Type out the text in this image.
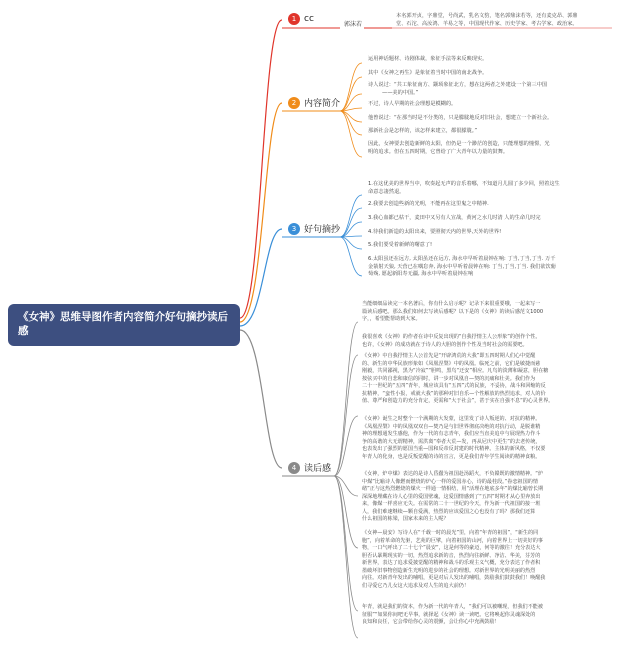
《女神》思维导图作者内容简介好句摘抄读后感
1 cc
2 内容简介
3 好句摘抄
4 读后感
郭沫若
本名郭开贞，字鼎堂，号尚武，乳名文豹，笔名郭鼎沫若等，还有麦克昂、郭鼎
堂、石沱、高汝鸿、羊易之等，中国现代作家、历史学家、考古学家、政治家。
运用神话题材、诗剧体裁，象征手法等来反映现实。
其中《女神之再生》是象征着当时中国的南北战争。
诗人说过：“共工象征南方、颛顼象征北方，想在这两者之外建设一个第三中国
——美的中国。”
不过，诗人早期的社会理想是模糊的。
他曾说过：“在那当时是不分类的，只是朦胧地反对旧社会，想建立一个新社会。
那新社会是怎样的，该怎样来建立，都很朦胧。”
因此，女神要去创造新鲜的太阳，但仍是一个渺茫的创造，只能理想的憧憬，光
明的追求。但在五四时期，它曾给了广大青年以力量的鼓舞。
1.在这优美的世界当中，吹奏起无声的音乐着哪，不知道月儿圆了多少回，照着这生
命意志凄然退。
2.我要去创造些新的光明，不能再在这里鬼之中精神.
3.我心血都已枯干，麦田中又另有人宣战，黄河之水几时清 人的生命几时完
4.待我们新造的太阳出来，要照彻天内的世界,天外的世界!
5.我们要受着新鲜的曙意了!
6.太阳虽还在远方, 太阳虽还在远方, 海水中早听着晨钟在响: 丁当,丁当,丁当. 万千
金箭射天狼, 天营已在喁怠奔, 海水中早听着晨钟在响: 丁当,丁当,丁当. 我们欲饮葡
萄殇, 愿起新阳寿无疆, 海水中早听着晨钟在响
当能细细品读完一本名著后，你有什么启示呢？记录下来很重要哦，一起来写一
篇读后感吧。那么我们如何去写读后感呢？以下是的《女神》的读后感范文1000
字，，希望能帮助到大家。
我很喜欢《女神》的作者在诗中反复出现的“自我抒情主人公形象”的创作个性。
也许，《女神》的成功就在于诗人的大胆的创作个性及当时社会的需要吧。
《女神》中自我抒情主人公首先是“开辟鸿荒的大我”即五四时期人们心中觉醒
的、新生的中华民族形象如《凤凰涅槃》中的凤凰。临死之前，它们是敏捷而慈
刚毅，共同鄙视，黑为“冷寂”“胆鸣，黑鸟“迂安”相应。凡鸟的淡薄和凝意，胆在糖
按弦买中的自悲和康信的同时，讲一步对凤凰自—契的沉痛和壮美。我们作为
二十一世纪的“五四”青年，城应该具有“五四”式的民族，不妥协，战斗和回缩的反
抗精神，“蛮性小报，戒就大我”的那种对旧自乐—个性解放的热烈追求，对人的价
值、尊严和创造力的充分肯定，更需和“大于社会”，甚于实在自强不息“的心灵世界。
《女神》诞生之时整个一个满期的大发蒙，这里发了诗人叛逆的、对抗的精神。
《凤凰涅槃》中的凤凰双双自—焚乃是与旧世界彻底决绝的对抗行动，是脱谁精
神的理想通发生感他，作为一代的有志青年，我们应当直美追中与展现热力作斗
争的高谐的大无谓精神，需洪离“奉者大荒—发，再从尼庆中更生”的去老传统，
也表发出了强烈的愿国当重—国和反帝反封建的时代精神。主体的新风格，不仅要
年青人的化身，也是反叛觉醒的诗的宣言，更是我们青年学生阅读的精神食粮。
《女神，炉中煤》表达的是诗人昏蠢为祖国赴汤蹈火，不负赣既的激情精神。“炉
中煤”比喻诗人像燃而燃烧的炉心一样的爱国赤心，诗的最桂段。”眷恋祖国的情
绪”正与这热烈燃烧的煤火一样通一情相结，用“活理在地底多年”的煤比喻曾长期
深深地埋藏在诗人心里的爱国壁魂，这爱国情感到了“五四”时期才从心里奔放出
来，像煤一样喜应无失。在需常的二十一世纪的今天，作为新一代祖国的接一班
人，我们难速继续—颗自爱满，热烈的应该爱国之心也没有了吗？那我们还算
什么祖国的栋梁，国家未来的主人呢？
《女神—晨安》写诗人在“千载一时的晨光”里，向着“年青的祖国”，“新生的同
胞”，向着革命的先驱，艺苑的巨擘，向着祖国的山河，向着世界上一切美好的事
物，一口气呼出了二十七个”晨安“，这是何等的豪迈，何等的激往！充分表达大
胆否认暴期现实的一切，热烈追求新的音，热烈向往新鲜、净洁、华美，芬芳的
新世界，表达了追求爱披觉醒的精神和战斗的乐观主义气概，充分表达了作者积
墨破坏旧事物创造新生光明的进步的社会的理想。对新世界的光明美丽的热烈
向往。对新青年发出的哺唱，更是对后人发出的哺唱，鼓励我们鼓鼓我们！唤醒我
们寻爱它乃儿女这大追求及对人生的追大前仍！
年青，就是我们的资本，作为新一代的年青人，“我们可以被嘲现，但我们不能被
征服”“如果你间吧无早事，就择起《女神》读一读吧。它将唤起你灵魂深处的
良知和良任，它会带给你心灵的震颤，会让你心中充满鼓励！
